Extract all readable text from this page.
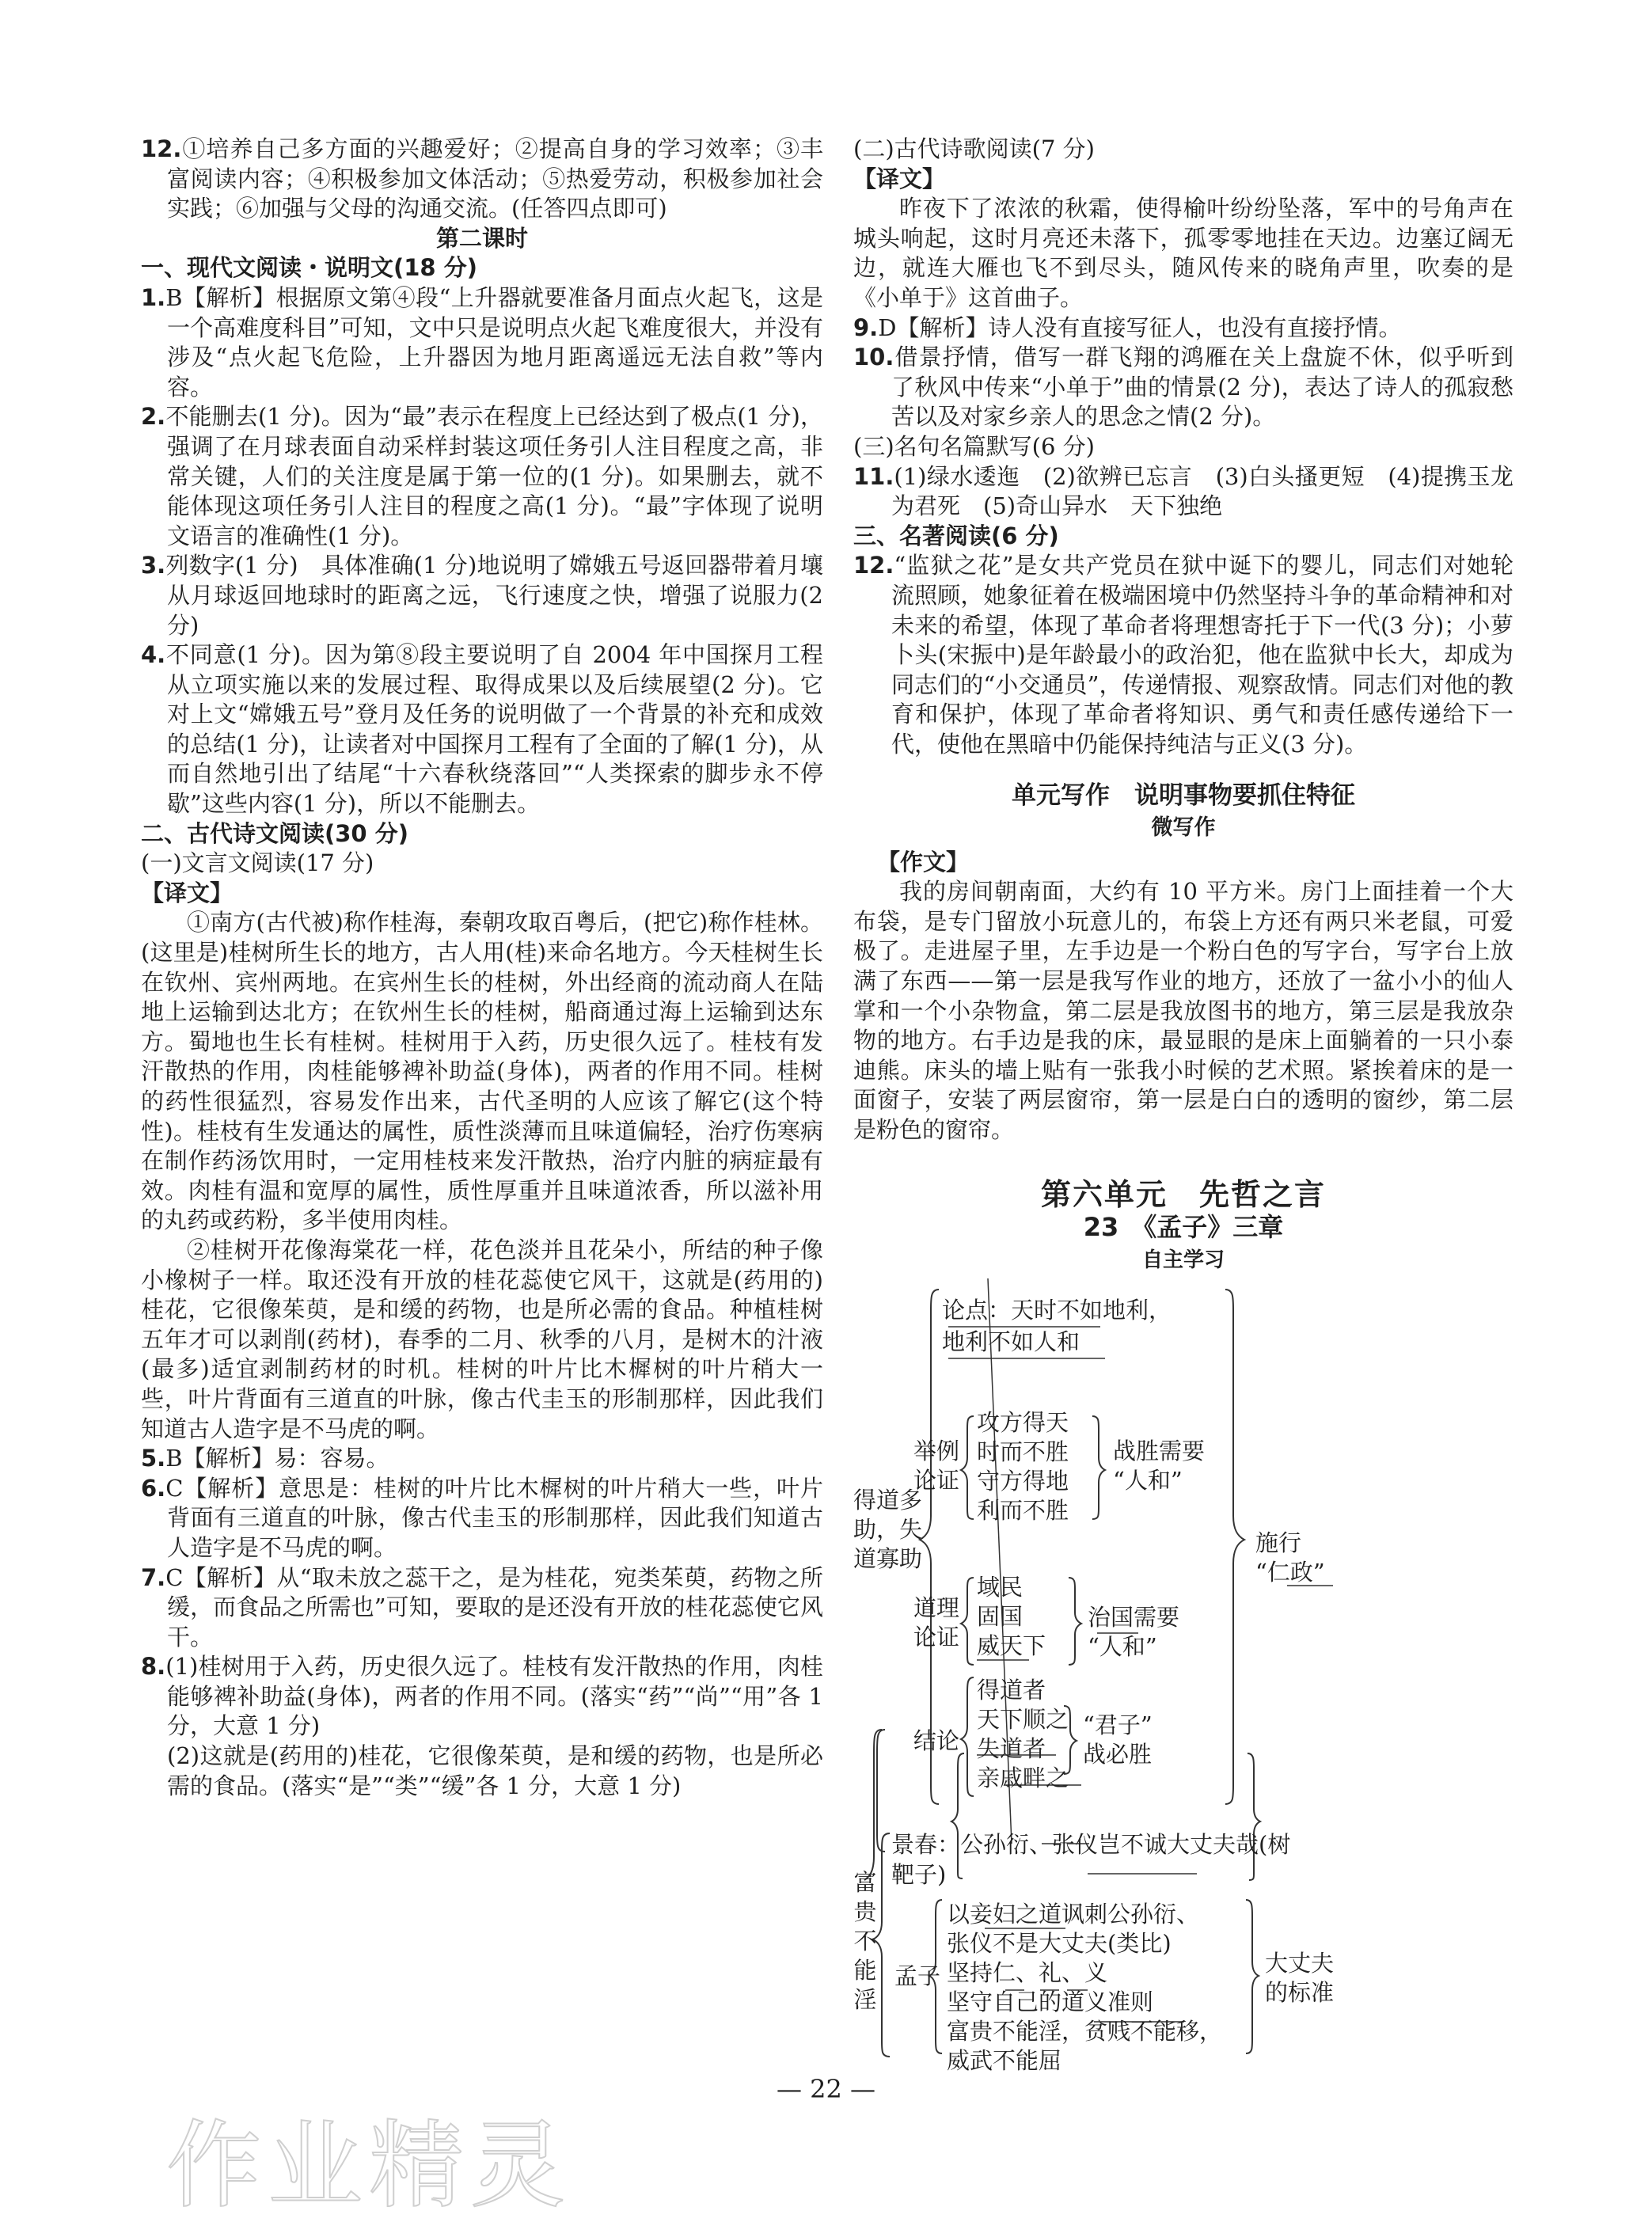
12.①培养自己多方面的兴趣爱好；②提高自身的学习效率；③丰富阅读内容；④积极参加文体活动；⑤热爱劳动，积极参加社会实践；⑥加强与父母的沟通交流。(任答四点即可)

第二课时

一、现代文阅读・说明文(18 分)

1.B【解析】根据原文第④段“上升器就要准备月面点火起飞，这是一个高难度科目”可知，文中只是说明点火起飞难度很大，并没有涉及“点火起飞危险，上升器因为地月距离遥远无法自救”等内容。

2.不能删去(1 分)。因为“最”表示在程度上已经达到了极点(1 分)，强调了在月球表面自动采样封装这项任务引人注目程度之高，非常关键，人们的关注度是属于第一位的(1 分)。如果删去，就不能体现这项任务引人注目的程度之高(1 分)。“最”字体现了说明文语言的准确性(1 分)。

3.列数字(1 分)　具体准确(1 分)地说明了嫦娥五号返回器带着月壤从月球返回地球时的距离之远，飞行速度之快，增强了说服力(2 分)

4.不同意(1 分)。因为第⑧段主要说明了自 2004 年中国探月工程从立项实施以来的发展过程、取得成果以及后续展望(2 分)。它对上文“嫦娥五号”登月及任务的说明做了一个背景的补充和成效的总结(1 分)，让读者对中国探月工程有了全面的了解(1 分)，从而自然地引出了结尾“十六春秋绕落回”“人类探索的脚步永不停歇”这些内容(1 分)，所以不能删去。

二、古代诗文阅读(30 分)

(一)文言文阅读(17 分)

【译文】

①南方(古代被)称作桂海，秦朝攻取百粤后，(把它)称作桂林。(这里是)桂树所生长的地方，古人用(桂)来命名地方。今天桂树生长在钦州、宾州两地。在宾州生长的桂树，外出经商的流动商人在陆地上运输到达北方；在钦州生长的桂树，船商通过海上运输到达东方。蜀地也生长有桂树。桂树用于入药，历史很久远了。桂枝有发汗散热的作用，肉桂能够裨补助益(身体)，两者的作用不同。桂树的药性很猛烈，容易发作出来，古代圣明的人应该了解它(这个特性)。桂枝有生发通达的属性，质性淡薄而且味道偏轻，治疗伤寒病在制作药汤饮用时，一定用桂枝来发汗散热，治疗内脏的病症最有效。肉桂有温和宽厚的属性，质性厚重并且味道浓香，所以滋补用的丸药或药粉，多半使用肉桂。

②桂树开花像海棠花一样，花色淡并且花朵小，所结的种子像小橡树子一样。取还没有开放的桂花蕊使它风干，这就是(药用的)桂花，它很像茱萸，是和缓的药物，也是所必需的食品。种植桂树五年才可以剥削(药材)，春季的二月、秋季的八月，是树木的汁液(最多)适宜剥制药材的时机。桂树的叶片比木樨树的叶片稍大一些，叶片背面有三道直的叶脉，像古代圭玉的形制那样，因此我们知道古人造字是不马虎的啊。

5.B【解析】易：容易。

6.C【解析】意思是：桂树的叶片比木樨树的叶片稍大一些，叶片背面有三道直的叶脉，像古代圭玉的形制那样，因此我们知道古人造字是不马虎的啊。

7.C【解析】从“取未放之蕊干之，是为桂花，宛类茱萸，药物之所缓，而食品之所需也”可知，要取的是还没有开放的桂花蕊使它风干。

8.(1)桂树用于入药，历史很久远了。桂枝有发汗散热的作用，肉桂能够裨补助益(身体)，两者的作用不同。(落实“药”“尚”“用”各 1 分，大意 1 分)

(2)这就是(药用的)桂花，它很像茱萸，是和缓的药物，也是所必需的食品。(落实“是”“类”“缓”各 1 分，大意 1 分)

(二)古代诗歌阅读(7 分)

【译文】

昨夜下了浓浓的秋霜，使得榆叶纷纷坠落，军中的号角声在城头响起，这时月亮还未落下，孤零零地挂在天边。边塞辽阔无边，就连大雁也飞不到尽头，随风传来的晓角声里，吹奏的是《小单于》这首曲子。

9.D【解析】诗人没有直接写征人，也没有直接抒情。

10.借景抒情，借写一群飞翔的鸿雁在关上盘旋不休，似乎听到了秋风中传来“小单于”曲的情景(2 分)，表达了诗人的孤寂愁苦以及对家乡亲人的思念之情(2 分)。

(三)名句名篇默写(6 分)

11.(1)绿水逶迤　(2)欲辨已忘言　(3)白头搔更短　(4)提携玉龙为君死　(5)奇山异水　天下独绝

三、名著阅读(6 分)

12.“监狱之花”是女共产党员在狱中诞下的婴儿，同志们对她轮流照顾，她象征着在极端困境中仍然坚持斗争的革命精神和对未来的希望，体现了革命者将理想寄托于下一代(3 分)；小萝卜头(宋振中)是年龄最小的政治犯，他在监狱中长大，却成为同志们的“小交通员”，传递情报、观察敌情。同志们对他的教育和保护，体现了革命者将知识、勇气和责任感传递给下一代，使他在黑暗中仍能保持纯洁与正义(3 分)。

单元写作　说明事物要抓住特征

微写作

【作文】

我的房间朝南面，大约有 10 平方米。房门上面挂着一个大布袋，是专门留放小玩意儿的，布袋上方还有两只米老鼠，可爱极了。走进屋子里，左手边是一个粉白色的写字台，写字台上放满了东西——第一层是我写作业的地方，还放了一盆小小的仙人掌和一个小杂物盒，第二层是我放图书的地方，第三层是我放杂物的地方。右手边是我的床，最显眼的是床上面躺着的一只小泰迪熊。床头的墙上贴有一张我小时候的艺术照。紧挨着床的是一面窗子，安装了两层窗帘，第一层是白白的透明的窗纱，第二层是粉色的窗帘。

第六单元　先哲之言

23　《孟子》三章

自主学习

得道多
助，失
道寡助
论点：天时不如地利，
地利不如人和
举例
论证
攻方得天
时而不胜
守方得地
利而不胜
战胜需要
“人和”
道理
论证
域民
固国
威天下
治国需要
“人和”
结论
得道者
天下顺之
失道者
亲戚畔之
“君子”
战必胜
施行
“仁政”
富
贵
不
能
淫
景春：公孙衍、张仪岂不诚大丈夫哉(树
靶子)
孟子
以妾妇之道讽刺公孙衍、
张仪不是大丈夫(类比)
坚持仁、礼、义
坚守自己的道义准则
富贵不能淫，贫贱不能移，
威武不能屈
大丈夫
的标准
— 22 —
作业精灵
